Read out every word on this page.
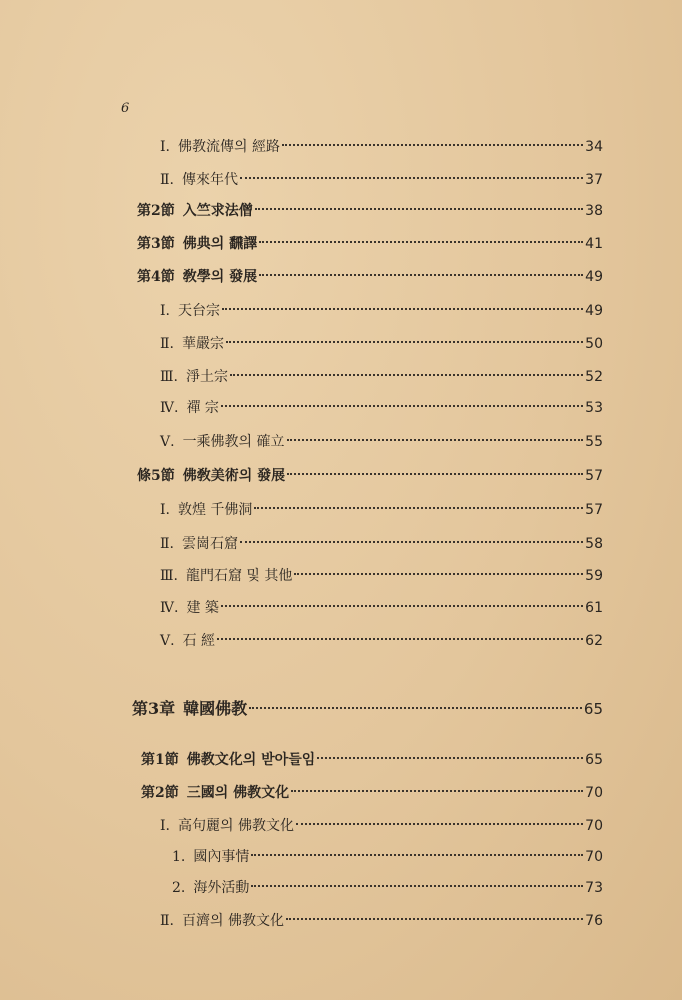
6
Ⅰ. 佛教流傳의 經路	34
Ⅱ. 傳來年代	37
第2節 入竺求法僧	38
第3節 佛典의 飜譯	41
第4節 敎學의 發展	49
Ⅰ. 天台宗	49
Ⅱ. 華嚴宗	50
Ⅲ. 淨土宗	52
Ⅳ. 禪 宗	53
Ⅴ. 一乘佛教의 確立	55
條5節 佛敎美術의 發展	57
Ⅰ. 敦煌 千佛洞	57
Ⅱ. 雲崗石窟	58
Ⅲ. 龍門石窟 및 其他	59
Ⅳ. 建 築	61
Ⅴ. 石 經	62
第3章 韓國佛教	65
第1節 佛教文化의 받아들임	65
第2節 三國의 佛教文化	70
Ⅰ. 高句麗의 佛教文化	70
1. 國內事情	70
2. 海外活動	73
Ⅱ. 百濟의 佛教文化	76
